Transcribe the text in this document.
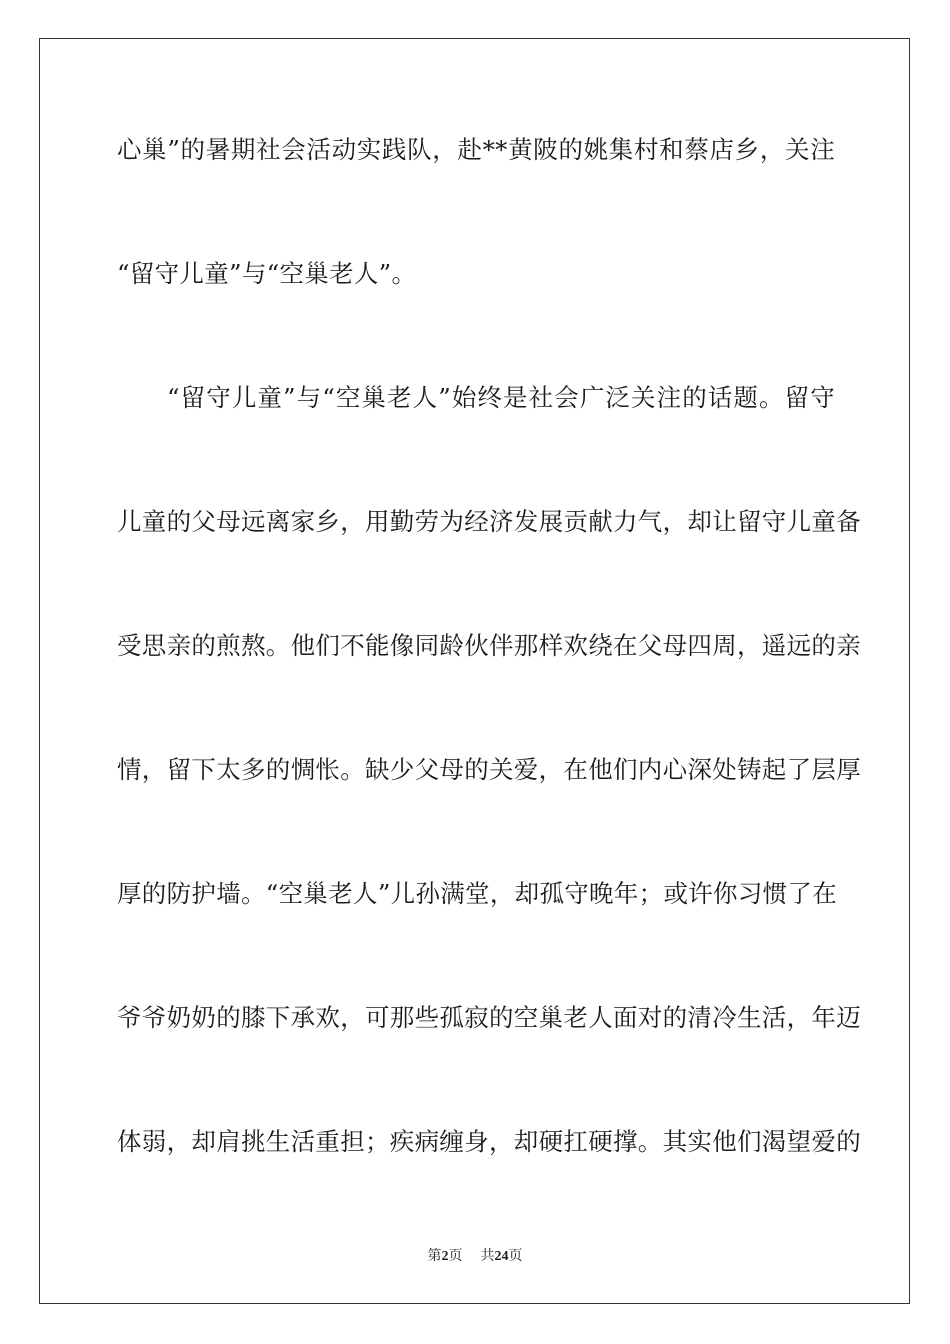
心巢”的暑期社会活动实践队，赴**黄陂的姚集村和蔡店乡，关注
“留守儿童”与“空巢老人”。
“留守儿童”与“空巢老人”始终是社会广泛关注的话题。留守
儿童的父母远离家乡，用勤劳为经济发展贡献力气，却让留守儿童备
受思亲的煎熬。他们不能像同龄伙伴那样欢绕在父母四周，遥远的亲
情，留下太多的惆怅。缺少父母的关爱，在他们内心深处铸起了层厚
厚的防护墙。“空巢老人”儿孙满堂，却孤守晚年；或许你习惯了在
爷爷奶奶的膝下承欢，可那些孤寂的空巢老人面对的清冷生活，年迈
体弱，却肩挑生活重担；疾病缠身，却硬扛硬撑。其实他们渴望爱的
第2页 共24页
